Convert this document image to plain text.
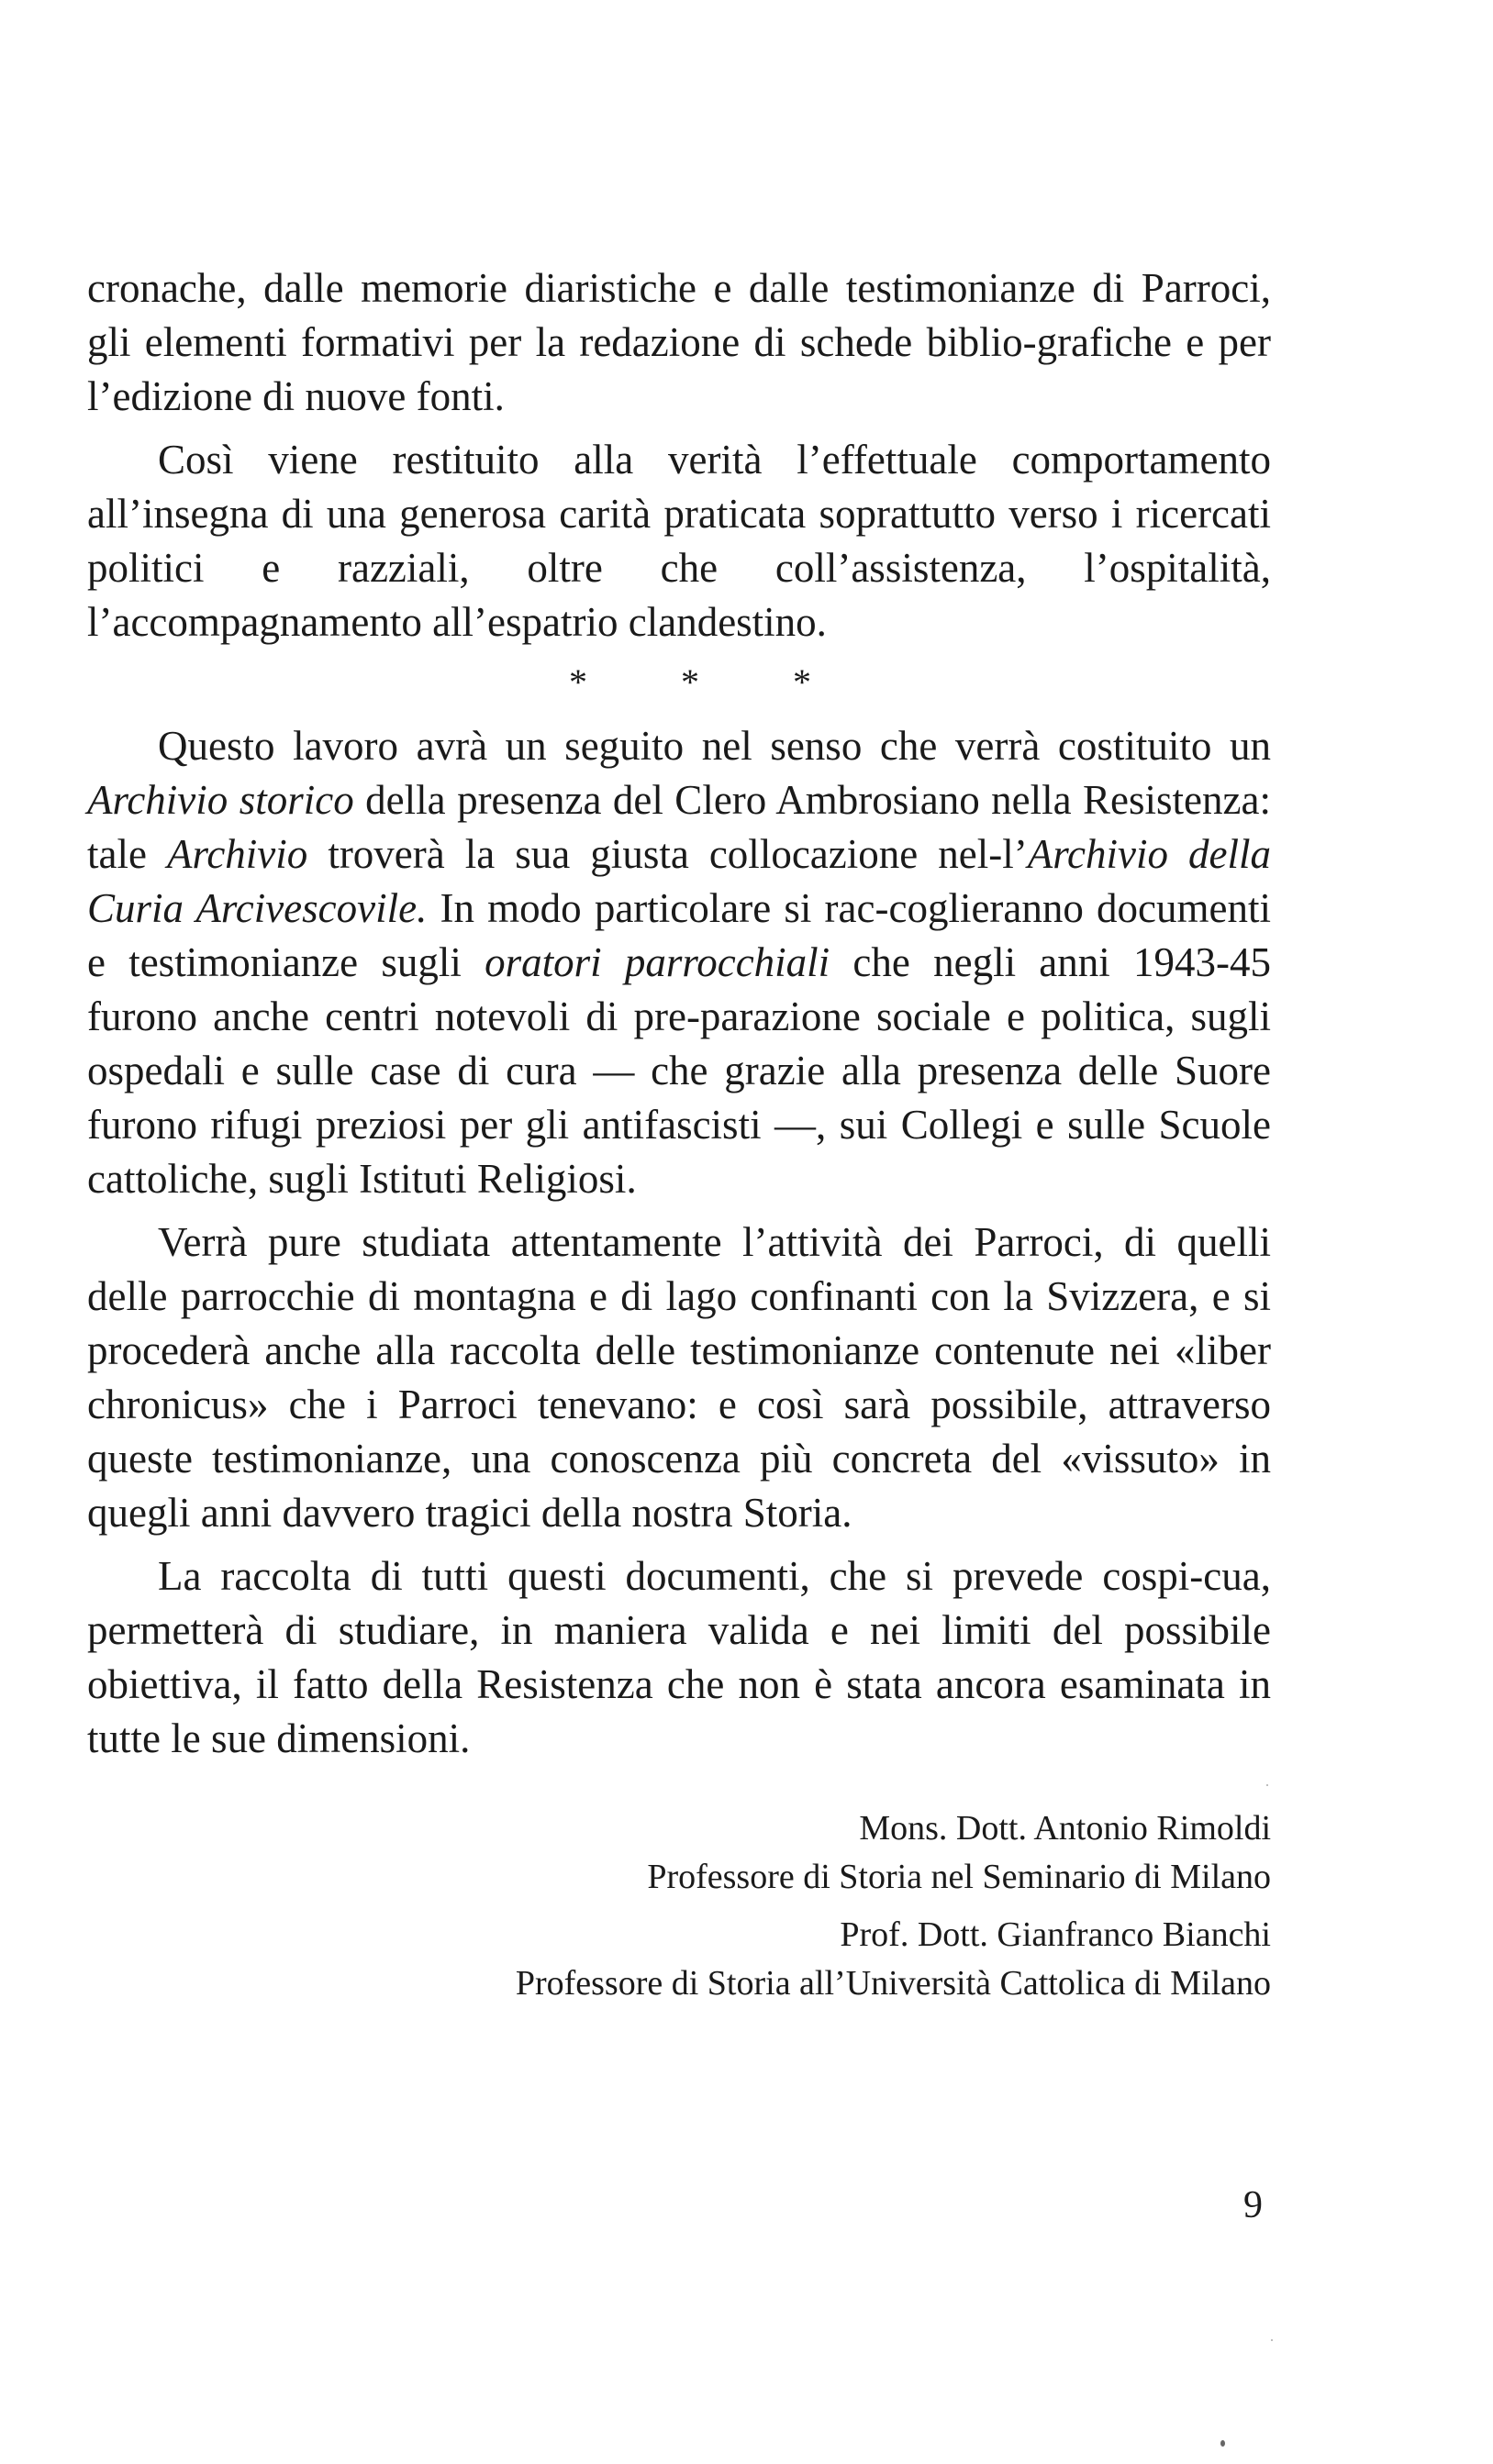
cronache, dalle memorie diaristiche e dalle testimonianze di Parroci, gli elementi formativi per la redazione di schede biblio-grafiche e per l’edizione di nuove fonti.

Così viene restituito alla verità l’effettuale comportamento all’insegna di una generosa carità praticata soprattutto verso i ricercati politici e razziali, oltre che coll’assistenza, l’ospitalità, l’accompagnamento all’espatrio clandestino.

* * *

Questo lavoro avrà un seguito nel senso che verrà costituito un Archivio storico della presenza del Clero Ambrosiano nella Resistenza: tale Archivio troverà la sua giusta collocazione nel-l’Archivio della Curia Arcivescovile. In modo particolare si rac-coglieranno documenti e testimonianze sugli oratori parrocchiali che negli anni 1943-45 furono anche centri notevoli di pre-parazione sociale e politica, sugli ospedali e sulle case di cura — che grazie alla presenza delle Suore furono rifugi preziosi per gli antifascisti —, sui Collegi e sulle Scuole cattoliche, sugli Istituti Religiosi.

Verrà pure studiata attentamente l’attività dei Parroci, di quelli delle parrocchie di montagna e di lago confinanti con la Svizzera, e si procederà anche alla raccolta delle testimonianze contenute nei «liber chronicus» che i Parroci tenevano: e così sarà possibile, attraverso queste testimonianze, una conoscenza più concreta del «vissuto» in quegli anni davvero tragici della nostra Storia.

La raccolta di tutti questi documenti, che si prevede cospi-cua, permetterà di studiare, in maniera valida e nei limiti del possibile obiettiva, il fatto della Resistenza che non è stata ancora esaminata in tutte le sue dimensioni.

Mons. Dott. Antonio Rimoldi

Professore di Storia nel Seminario di Milano

Prof. Dott. Gianfranco Bianchi

Professore di Storia all’Università Cattolica di Milano

9
